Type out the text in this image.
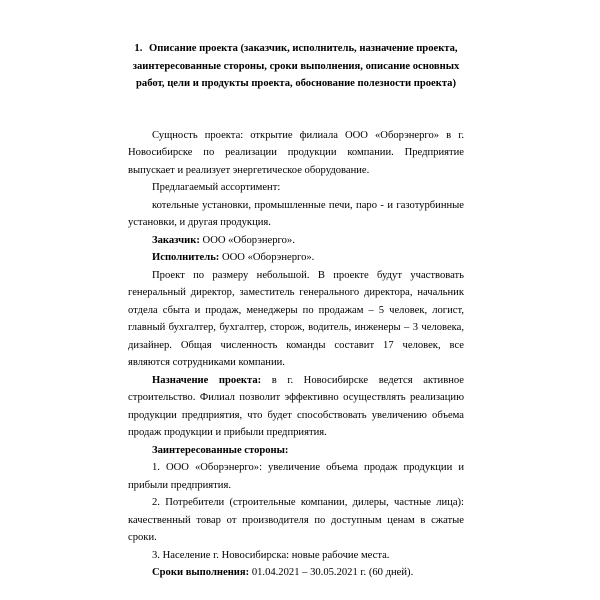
1. Описание проекта (заказчик, исполнитель, назначение проекта, заинтересованные стороны, сроки выполнения, описание основных работ, цели и продукты проекта, обоснование полезности проекта)

Сущность проекта: открытие филиала ООО «Оборэнерго» в г. Новосибирске по реализации продукции компании. Предприятие выпускает и реализует энергетическое оборудование.

Предлагаемый ассортимент:

котельные установки, промышленные печи, паро - и газотурбинные установки, и другая продукция.

Заказчик: ООО «Оборэнерго».

Исполнитель: ООО «Оборэнерго».

Проект по размеру небольшой. В проекте будут участвовать генеральный директор, заместитель генерального директора, начальник отдела сбыта и продаж, менеджеры по продажам – 5 человек, логист, главный бухгалтер, бухгалтер, сторож, водитель, инженеры – 3 человека, дизайнер. Общая численность команды составит 17 человек, все являются сотрудниками компании.

Назначение проекта: в г. Новосибирске ведется активное строительство. Филиал позволит эффективно осуществлять реализацию продукции предприятия, что будет способствовать увеличению объема продаж продукции и прибыли предприятия.

Заинтересованные стороны:

1. ООО «Оборэнерго»: увеличение объема продаж продукции и прибыли предприятия.

2. Потребители (строительные компании, дилеры, частные лица): качественный товар от производителя по доступным ценам в сжатые сроки.

3. Население г. Новосибирска: новые рабочие места.

Сроки выполнения: 01.04.2021 – 30.05.2021 г. (60 дней).
